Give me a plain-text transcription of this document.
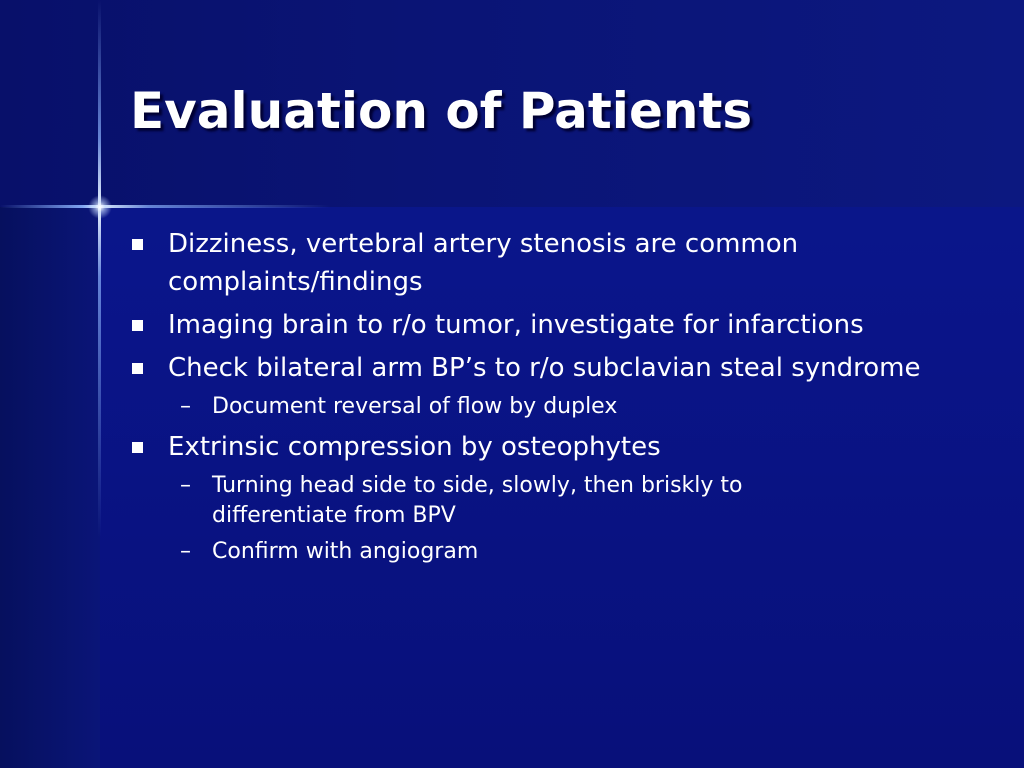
Evaluation of Patients
Dizziness, vertebral artery stenosis are common complaints/findings
Imaging brain to r/o tumor, investigate for infarctions
Check bilateral arm BP’s to r/o subclavian steal syndrome
– Document reversal of flow by duplex
Extrinsic compression by osteophytes
– Turning head side to side, slowly, then briskly to differentiate from BPV
– Confirm with angiogram
